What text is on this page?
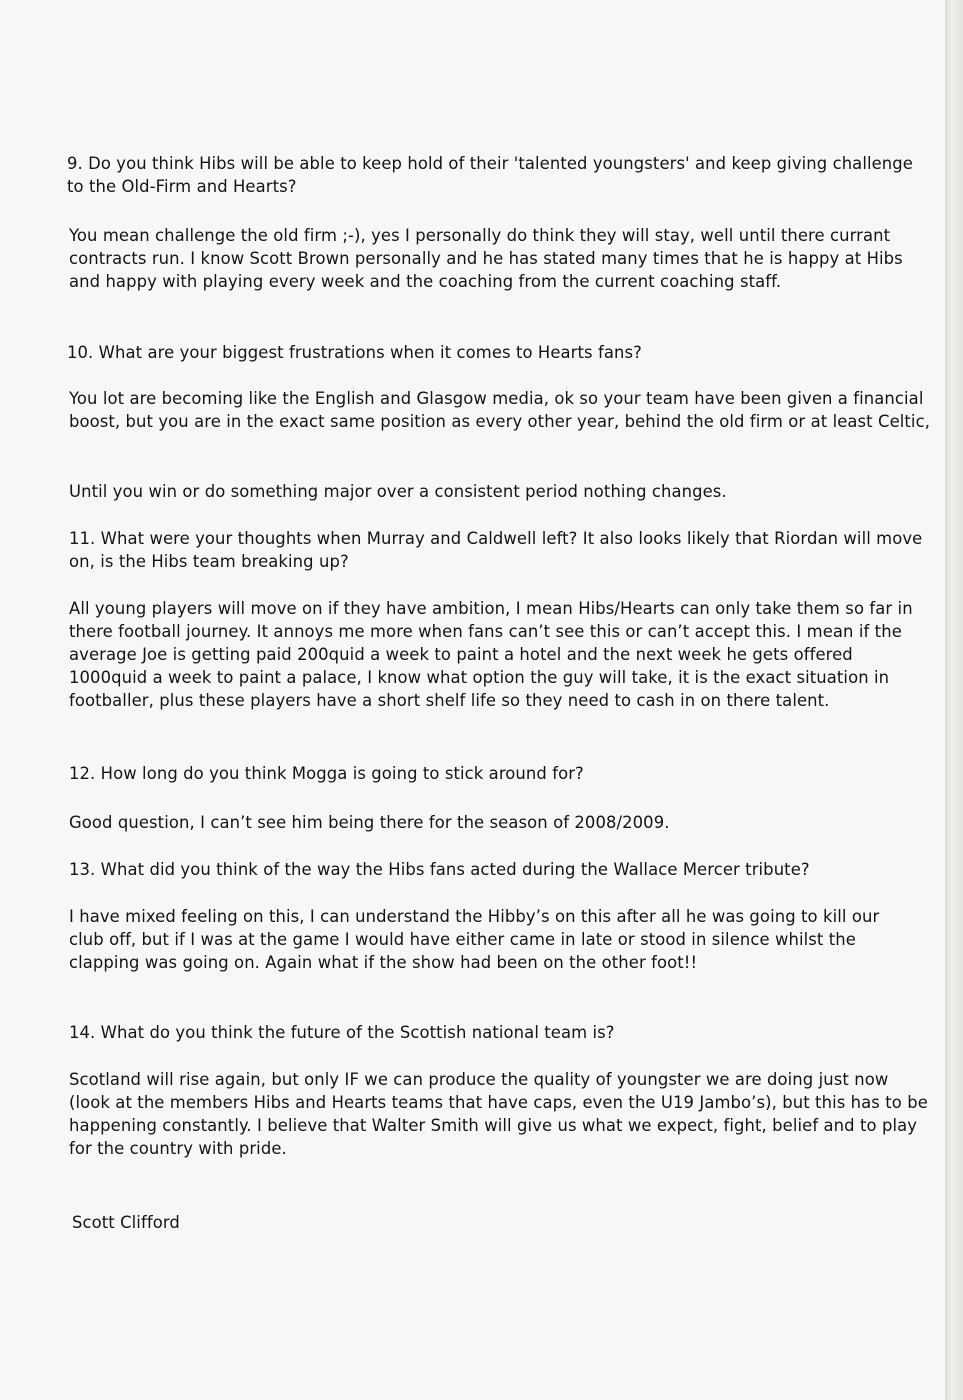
9. Do you think Hibs will be able to keep hold of their 'talented youngsters' and keep giving challenge to the Old-Firm and Hearts?

You mean challenge the old firm ;-), yes I personally do think they will stay, well until there currant contracts run. I know Scott Brown personally and he has stated many times that he is happy at Hibs and happy with playing every week and the coaching from the current coaching staff.

10. What are your biggest frustrations when it comes to Hearts fans?

You lot are becoming like the English and Glasgow media, ok so your team have been given a financial boost, but you are in the exact same position as every other year, behind the old firm or at least Celtic,

Until you win or do something major over a consistent period nothing changes.

11. What were your thoughts when Murray and Caldwell left? It also looks likely that Riordan will move on, is the Hibs team breaking up?

All young players will move on if they have ambition, I mean Hibs/Hearts can only take them so far in there football journey. It annoys me more when fans can’t see this or can’t accept this. I mean if the average Joe is getting paid 200quid a week to paint a hotel and the next week he gets offered 1000quid a week to paint a palace, I know what option the guy will take, it is the exact situation in footballer, plus these players have a short shelf life so they need to cash in on there talent.

12. How long do you think Mogga is going to stick around for?

Good question, I can’t see him being there for the season of 2008/2009.

13. What did you think of the way the Hibs fans acted during the Wallace Mercer tribute?

I have mixed feeling on this, I can understand the Hibby’s on this after all he was going to kill our club off, but if I was at the game I would have either came in late or stood in silence whilst the clapping was going on. Again what if the show had been on the other foot!!

14. What do you think the future of the Scottish national team is?

Scotland will rise again, but only IF we can produce the quality of youngster we are doing just now (look at the members Hibs and Hearts teams that have caps, even the U19 Jambo’s), but this has to be happening constantly. I believe that Walter Smith will give us what we expect, fight, belief and to play for the country with pride.

Scott Clifford
